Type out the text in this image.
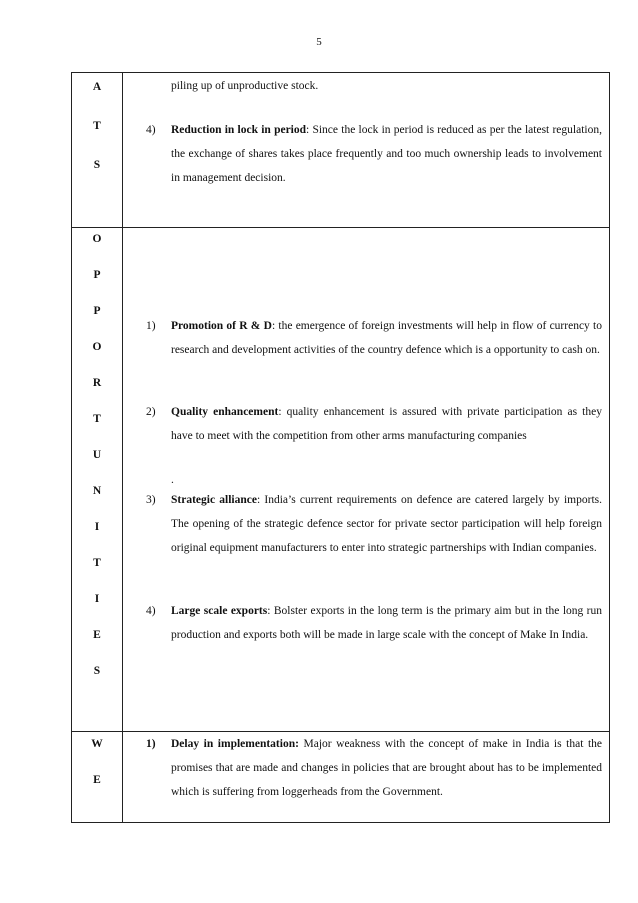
5
A
T
S
piling up of unproductive stock.
4) Reduction in lock in period: Since the lock in period is reduced as per the latest regulation, the exchange of shares takes place frequently and too much ownership leads to involvement in management decision.
O
P
P
O
R
T
U
N
I
T
I
E
S
1) Promotion of R & D: the emergence of foreign investments will help in flow of currency to research and development activities of the country defence which is a opportunity to cash on.
2) Quality enhancement: quality enhancement is assured with private participation as they have to meet with the competition from other arms manufacturing companies
.
3) Strategic alliance: India’s current requirements on defence are catered largely by imports. The opening of the strategic defence sector for private sector participation will help foreign original equipment manufacturers to enter into strategic partnerships with Indian companies.
4) Large scale exports: Bolster exports in the long term is the primary aim but in the long run production and exports both will be made in large scale with the concept of Make In India.
W
E
1) Delay in implementation: Major weakness with the concept of make in India is that the promises that are made and changes in policies that are brought about has to be implemented which is suffering from loggerheads from the Government.
